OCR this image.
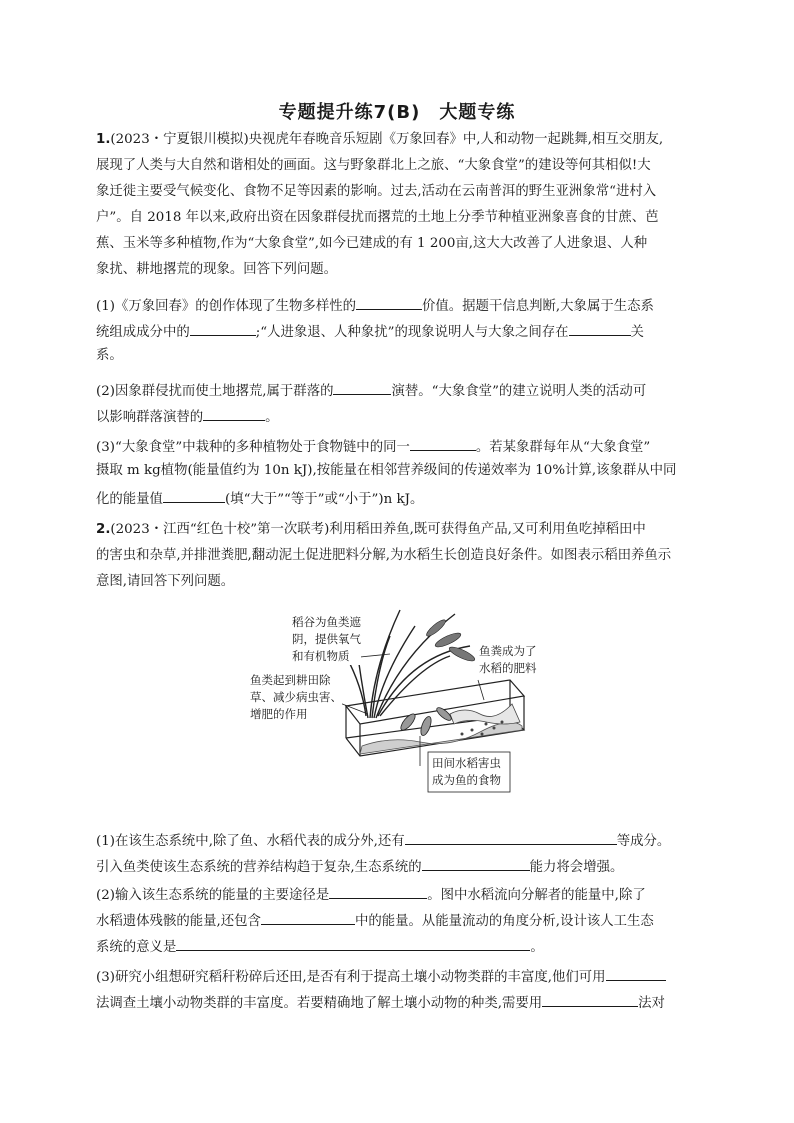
专题提升练7(B)　大题专练
1.(2023・宁夏银川模拟)央视虎年春晚音乐短剧《万象回春》中,人和动物一起跳舞,相互交朋友,
展现了人类与大自然和谐相处的画面。这与野象群北上之旅、“大象食堂”的建设等何其相似!大
象迁徙主要受气候变化、食物不足等因素的影响。过去,活动在云南普洱的野生亚洲象常“进村入
户”。自 2018 年以来,政府出资在因象群侵扰而撂荒的土地上分季节种植亚洲象喜食的甘蔗、芭
蕉、玉米等多种植物,作为“大象食堂”,如今已建成的有 1 200亩,这大大改善了人进象退、人种
象扰、耕地撂荒的现象。回答下列问题。
(1)《万象回春》的创作体现了生物多样性的	价值。据题干信息判断,大象属于生态系
统组成成分中的	;“人进象退、人种象扰”的现象说明人与大象之间存在	关
系。
(2)因象群侵扰而使土地撂荒,属于群落的	演替。“大象食堂”的建立说明人类的活动可
以影响群落演替的	。
(3)“大象食堂”中栽种的多种植物处于食物链中的同一	。若某象群每年从“大象食堂”
摄取 m kg植物(能量值约为 10n kJ),按能量在相邻营养级间的传递效率为 10%计算,该象群从中同
化的能量值	(填“大于”“等于”或“小于”)n kJ。
2.(2023・江西“红色十校”第一次联考)利用稻田养鱼,既可获得鱼产品,又可利用鱼吃掉稻田中
的害虫和杂草,并排泄粪肥,翻动泥土促进肥料分解,为水稻生长创造良好条件。如图表示稻田养鱼示
意图,请回答下列问题。
稻谷为鱼类遮
阴，提供氧气
和有机物质
鱼类起到耕田除
草、减少病虫害、
增肥的作用
鱼粪成为了
水稻的肥料
田间水稻害虫
成为鱼的食物
(1)在该生态系统中,除了鱼、水稻代表的成分外,还有	等成分。
引入鱼类使该生态系统的营养结构趋于复杂,生态系统的	能力将会增强。
(2)输入该生态系统的能量的主要途径是	。图中水稻流向分解者的能量中,除了
水稻遗体残骸的能量,还包含	中的能量。从能量流动的角度分析,设计该人工生态
系统的意义是	。
(3)研究小组想研究稻秆粉碎后还田,是否有利于提高土壤小动物类群的丰富度,他们可用
法调查土壤小动物类群的丰富度。若要精确地了解土壤小动物的种类,需要用	法对
